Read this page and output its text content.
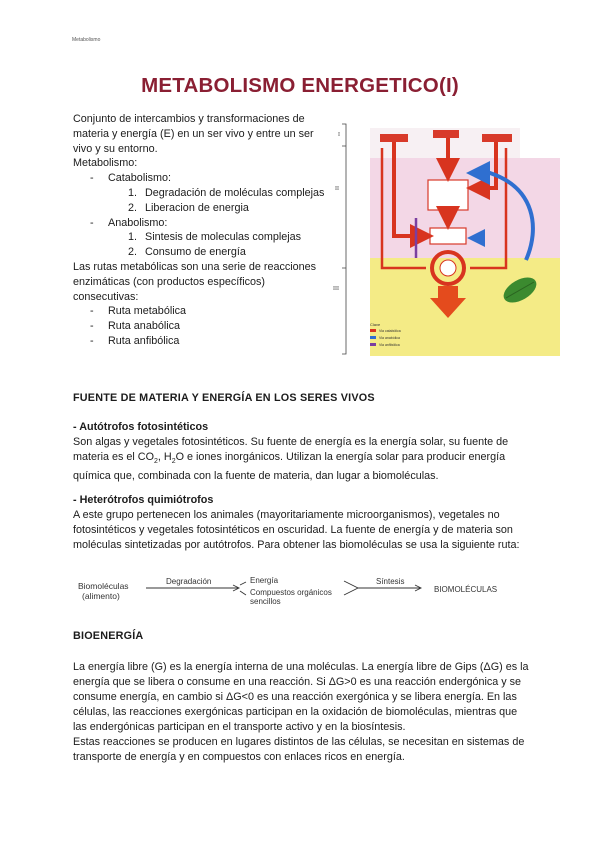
Metabolismo
METABOLISMO ENERGETICO(I)
Conjunto de intercambios y transformaciones de materia y energía (E) en un ser vivo y entre un ser vivo y su entorno.
Metabolismo:
- Catabolismo:
1. Degradación de moléculas complejas
2. Liberacion de energia
- Anabolismo:
1. Sintesis de moleculas complejas
2. Consumo de energía
Las rutas metabólicas son una serie de reacciones enzimáticas (con productos específicos) consecutivas:
- Ruta metabólica
- Ruta anabólica
- Ruta anfibólica
I
II
III
Clave
Via catabólica
Via anabólica
Via anfibólica
FUENTE DE MATERIA Y ENERGÍA EN LOS SERES VIVOS
- Autótrofos fotosintéticos
Son algas y vegetales fotosintéticos. Su fuente de energía es la energía solar, su fuente de
materia es el $CO_2$, $H_2O$ e iones inorgánicos. Utilizan la energía solar para producir energía
química que, combinada con la fuente de materia, dan lugar a biomoléculas.
- Heterótrofos quimiótrofos
A este grupo pertenecen los animales (mayoritariamente microorganismos), vegetales no fotosintéticos y vegetales fotosintéticos en oscuridad. La fuente de energía y de materia son moléculas sintetizadas por autótrofos. Para obtener las biomoléculas se usa la siguiente ruta:
Biomoléculas
(alimento)
Degradación	Energía
Compuestos orgánicos
sencillos
Síntesis
BIOMOLÉCULAS
BIOENERGÍA
La energía libre (G) es la energía interna de una moléculas. La energía libre de Gips (ΔG) es la energía que se libera o consume en una reacción. Si ΔG>0 es una reacción endergónica y se consume energía, en cambio si ΔG<0 es una reacción exergónica y se libera energía. En las células, las reacciones exergónicas participan en la oxidación de biomoléculas, mientras que las endergónicas participan en el transporte activo y en la biosíntesis.
Estas reacciones se producen en lugares distintos de las células, se necesitan en sistemas de transporte de energía y en compuestos con enlaces ricos en energía.
